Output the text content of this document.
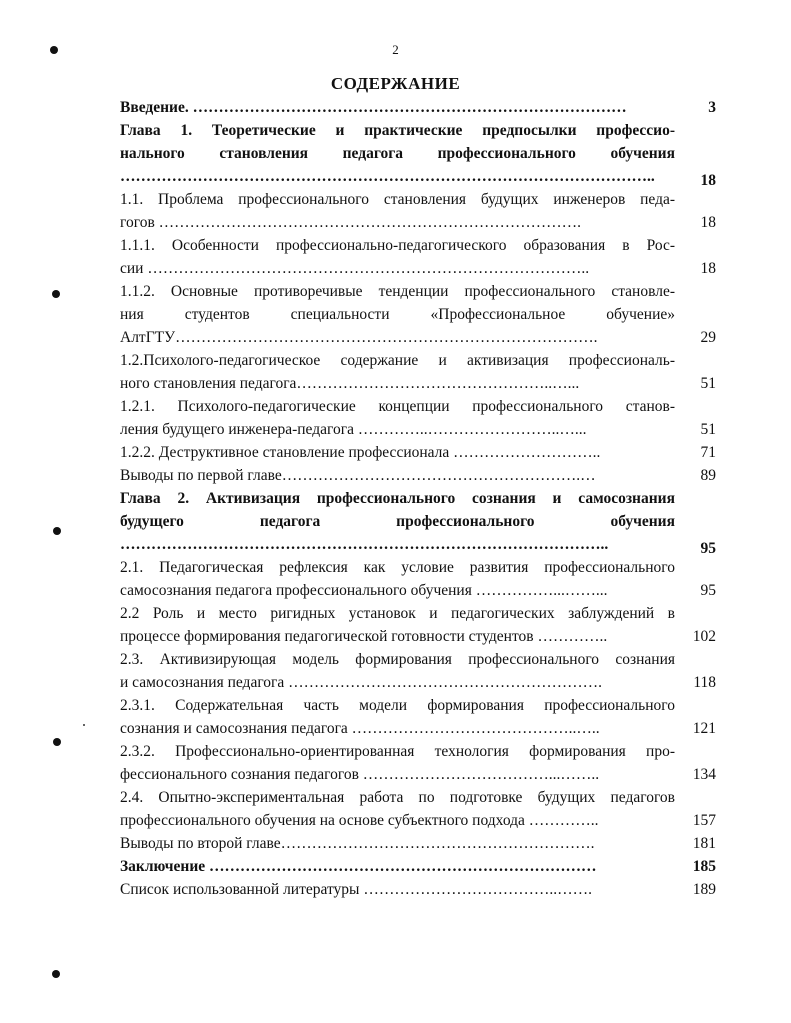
2
СОДЕРЖАНИЕ
Введение. …………………………………………………………………………	3
Глава 1. Теоретические и практические предпосылки профессио-
нального становления педагога профессионального обучения
…………………………………………………………………………………………..	18
1.1. Проблема профессионального становления будущих инженеров педа-
гогов ……………………………………………………………………….	18
1.1.1. Особенности профессионально-педагогического образования в Рос-
сии …………………………………………………………………………..	18
1.1.2. Основные противоречивые тенденции профессионального становле-
ния студентов специальности «Профессиональное обучение»
АлтГТУ……………………………………………………………………….	29
1.2.Психолого-педагогическое содержание и активизация профессиональ-
ного становления педагога…………………………………………..…...	51
1.2.1. Психолого-педагогические концепции профессионального станов-
ления будущего инженера-педагога …………..……………………..…...	51
1.2.2. Деструктивное становление профессионала ………………………..	71
Выводы по первой главе………………………………………………….…	89
Глава 2. Активизация профессионального сознания и самосознания
будущего педагога профессионального обучения
…………………………………………………………………………………..	95
2.1. Педагогическая рефлексия как условие развития профессионального
самосознания педагога профессионального обучения ……………...……...	95
2.2 Роль и место ригидных установок и педагогических заблуждений в
процессе формирования педагогической готовности студентов …………..	102
2.3. Активизирующая модель формирования профессионального сознания
и самосознания педагога …………………………………………………….	118
2.3.1. Содержательная часть модели формирования профессионального
сознания и самосознания педагога ……………………………………..…..	121
2.3.2. Профессионально-ориентированная технология формирования про-
фессионального сознания педагогов ………………………………...……..	134
2.4. Опытно-экспериментальная работа по подготовке будущих педагогов
профессионального обучения на основе субъектного подхода …………..	157
Выводы по второй главе…………………………………………………….	181
Заключение …………………………………………………………………	185
Список использованной литературы ………………………………..…….	189
